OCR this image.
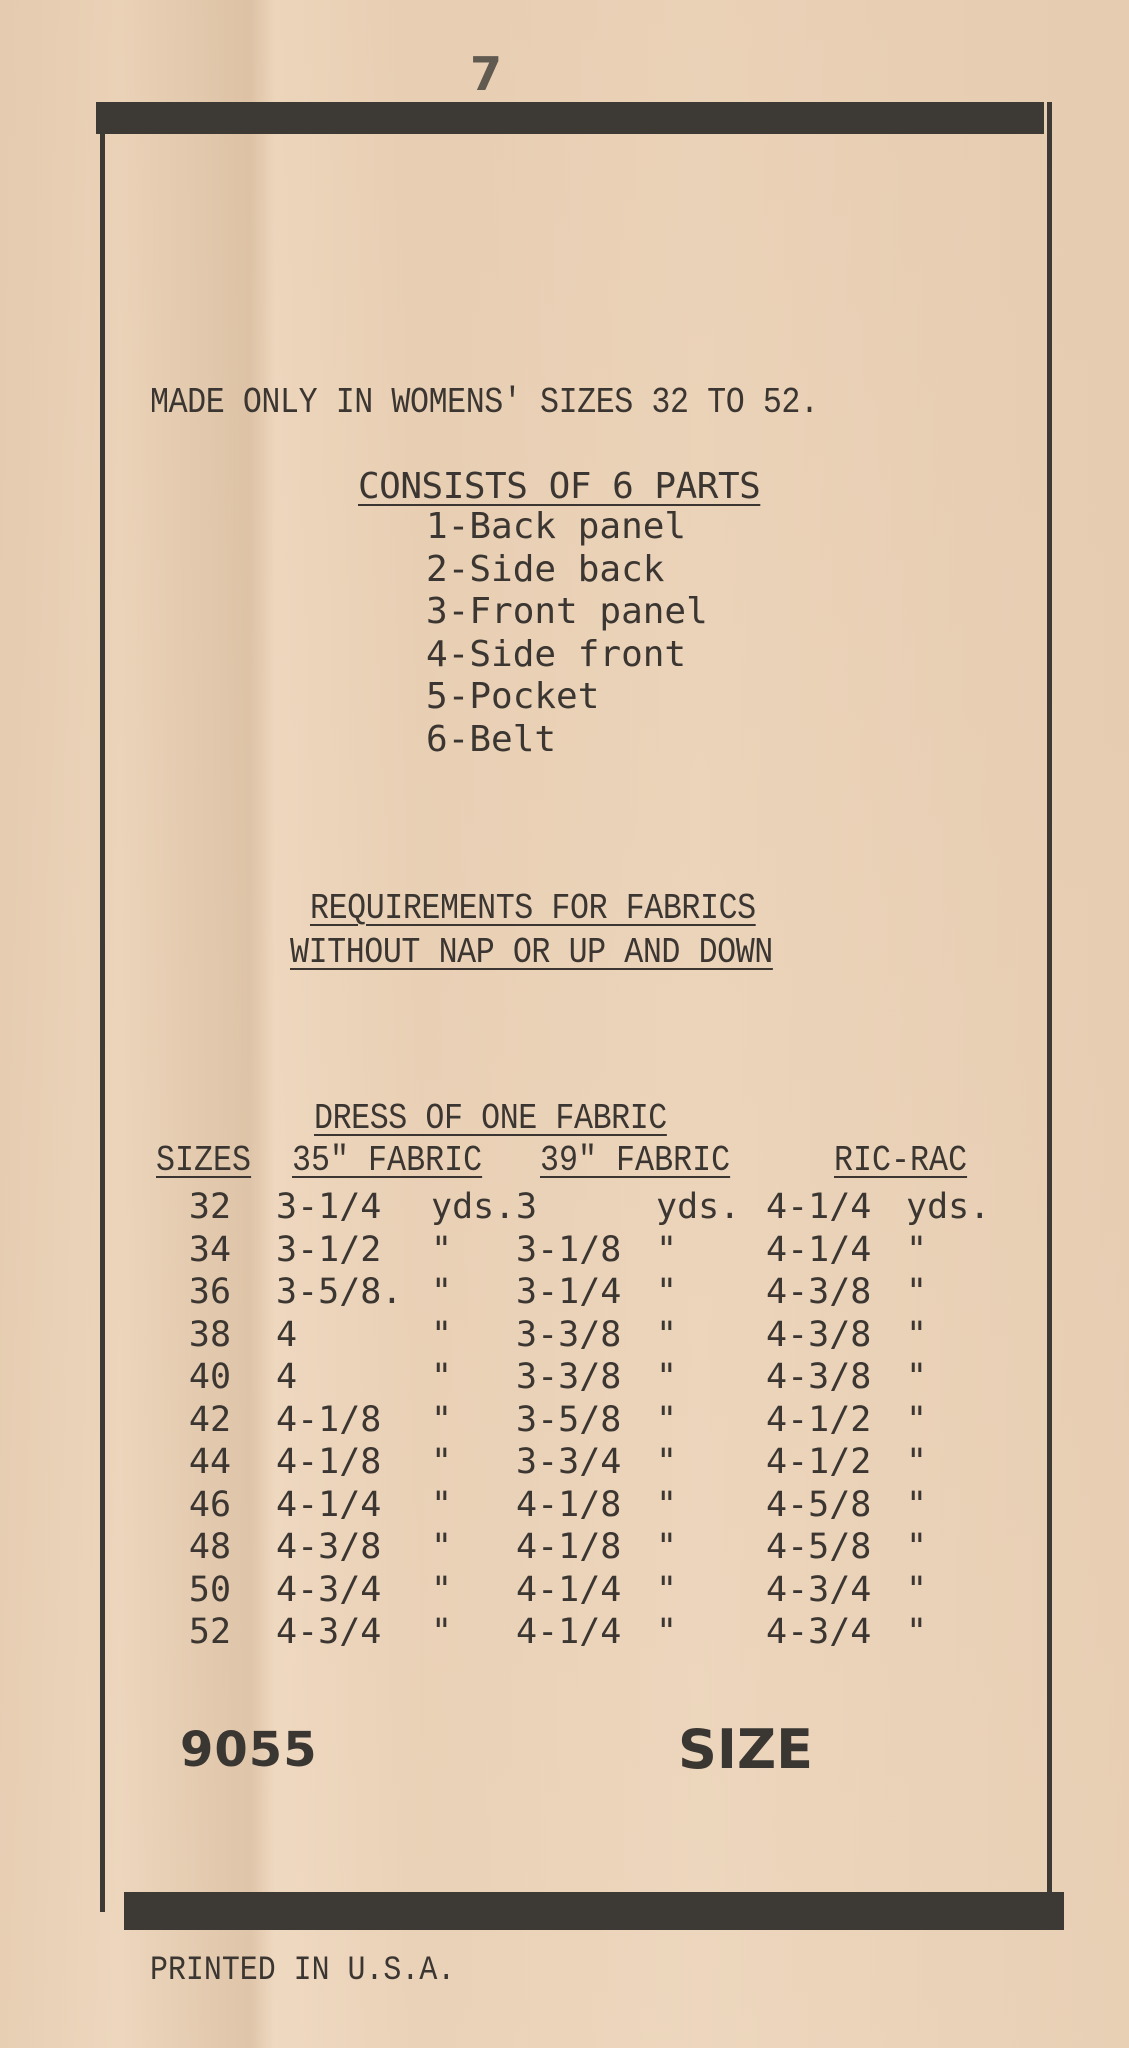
7
MADE ONLY IN WOMENS' SIZES 32 TO 52.
CONSISTS OF 6 PARTS
1-Back panel
2-Side back
3-Front panel
4-Side front
5-Pocket
6-Belt
REQUIREMENTS FOR FABRICS
WITHOUT NAP OR UP AND DOWN
DRESS OF ONE FABRIC
SIZES 35" FABRIC 39" FABRIC	RIC-RAC
32	3-1/4	yds.	3	yds.	4-1/4	yds.
34	3-1/2	"	3-1/8	"	4-1/4	"
36	3-5/8.	"	3-1/4	"	4-3/8	"
38	4	"	3-3/8	"	4-3/8	"
40	4	"	3-3/8	"	4-3/8	"
42	4-1/8	"	3-5/8	"	4-1/2	"
44	4-1/8	"	3-3/4	"	4-1/2	"
46	4-1/4	"	4-1/8	"	4-5/8	"
48	4-3/8	"	4-1/8	"	4-5/8	"
50	4-3/4	"	4-1/4	"	4-3/4	"
52	4-3/4	"	4-1/4	"	4-3/4	"
9055	SIZE
PRINTED IN U.S.A.
